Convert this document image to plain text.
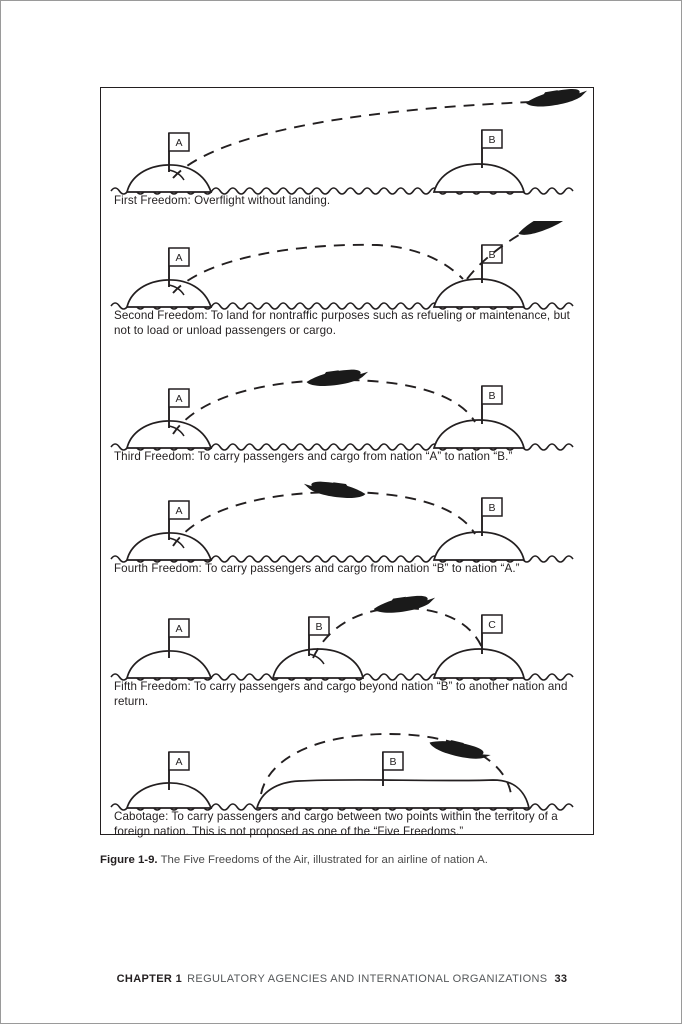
A	B
First Freedom: Overflight without landing.
A	B
Second Freedom: To land for nontraffic purposes such as refueling or maintenance, but not to load or unload passengers or cargo.
A	B
Third Freedom: To carry passengers and cargo from nation “A” to nation “B.”
A	B
Fourth Freedom: To carry passengers and cargo from nation “B” to nation “A.”
A	B	C
Fifth Freedom: To carry passengers and cargo beyond nation “B” to another nation and return.
A	B
Cabotage: To carry passengers and cargo between two points within the territory of a foreign nation. This is not proposed as one of the “Five Freedoms.”
Figure 1-9. The Five Freedoms of the Air, illustrated for an airline of nation A.
CHAPTER 1 REGULATORY AGENCIES AND INTERNATIONAL ORGANIZATIONS 33
